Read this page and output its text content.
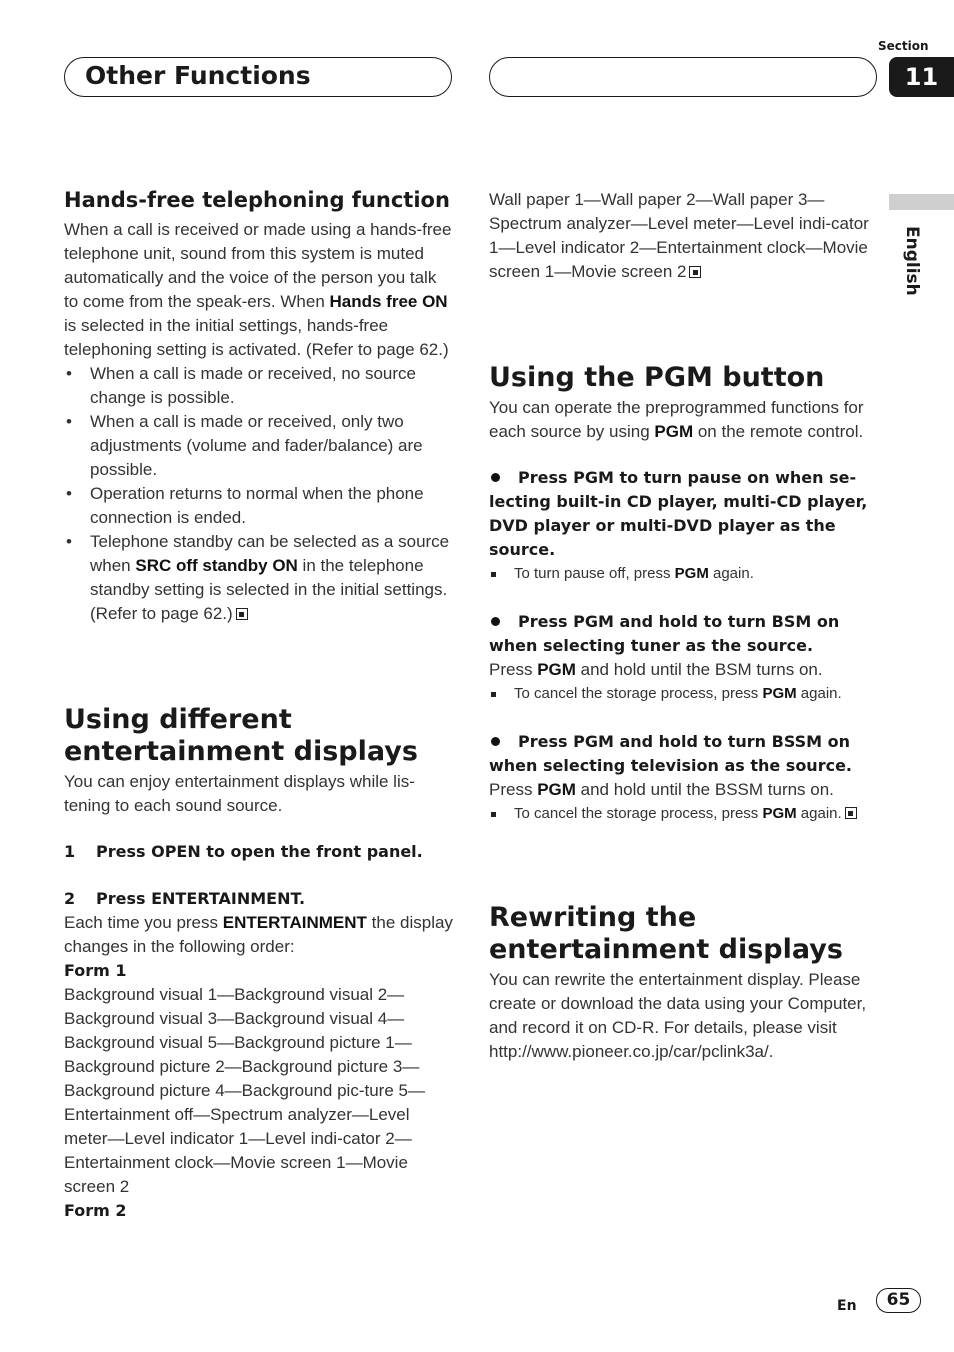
Other Functions
Section
11
English
Hands-free telephoning function
When a call is received or made using a hands-free telephone unit, sound from this system is muted automatically and the voice of the person you talk to come from the speak-ers. When Hands free ON is selected in the initial settings, hands-free telephoning setting is activated. (Refer to page 62.)
• When a call is made or received, no source change is possible.
• When a call is made or received, only two adjustments (volume and fader/balance) are possible.
• Operation returns to normal when the phone connection is ended.
• Telephone standby can be selected as a source when SRC off standby ON in the telephone standby setting is selected in the initial settings. (Refer to page 62.)
Using different
entertainment displays
You can enjoy entertainment displays while lis-tening to each sound source.
1 Press OPEN to open the front panel.
2 Press ENTERTAINMENT.
Each time you press ENTERTAINMENT the display changes in the following order:
Form 1
Background visual 1—Background visual 2—Background visual 3—Background visual 4—Background visual 5—Background picture 1—Background picture 2—Background picture 3—Background picture 4—Background pic-ture 5—Entertainment off—Spectrum analyzer—Level meter—Level indicator 1—Level indi-cator 2—Entertainment clock—Movie screen 1—Movie screen 2
Form 2
Wall paper 1—Wall paper 2—Wall paper 3—Spectrum analyzer—Level meter—Level indi-cator 1—Level indicator 2—Entertainment clock—Movie screen 1—Movie screen 2
Using the PGM button
You can operate the preprogrammed functions for each source by using PGM on the remote control.
Press PGM to turn pause on when se-lecting built-in CD player, multi-CD player, DVD player or multi-DVD player as the source.
To turn pause off, press PGM again.
Press PGM and hold to turn BSM on when selecting tuner as the source.
Press PGM and hold until the BSM turns on.
To cancel the storage process, press PGM again.
Press PGM and hold to turn BSSM on when selecting television as the source.
Press PGM and hold until the BSSM turns on.
To cancel the storage process, press PGM again.
Rewriting the
entertainment displays
You can rewrite the entertainment display. Please create or download the data using your Computer, and record it on CD-R. For details, please visit
http://www.pioneer.co.jp/car/pclink3a/.
En	65
